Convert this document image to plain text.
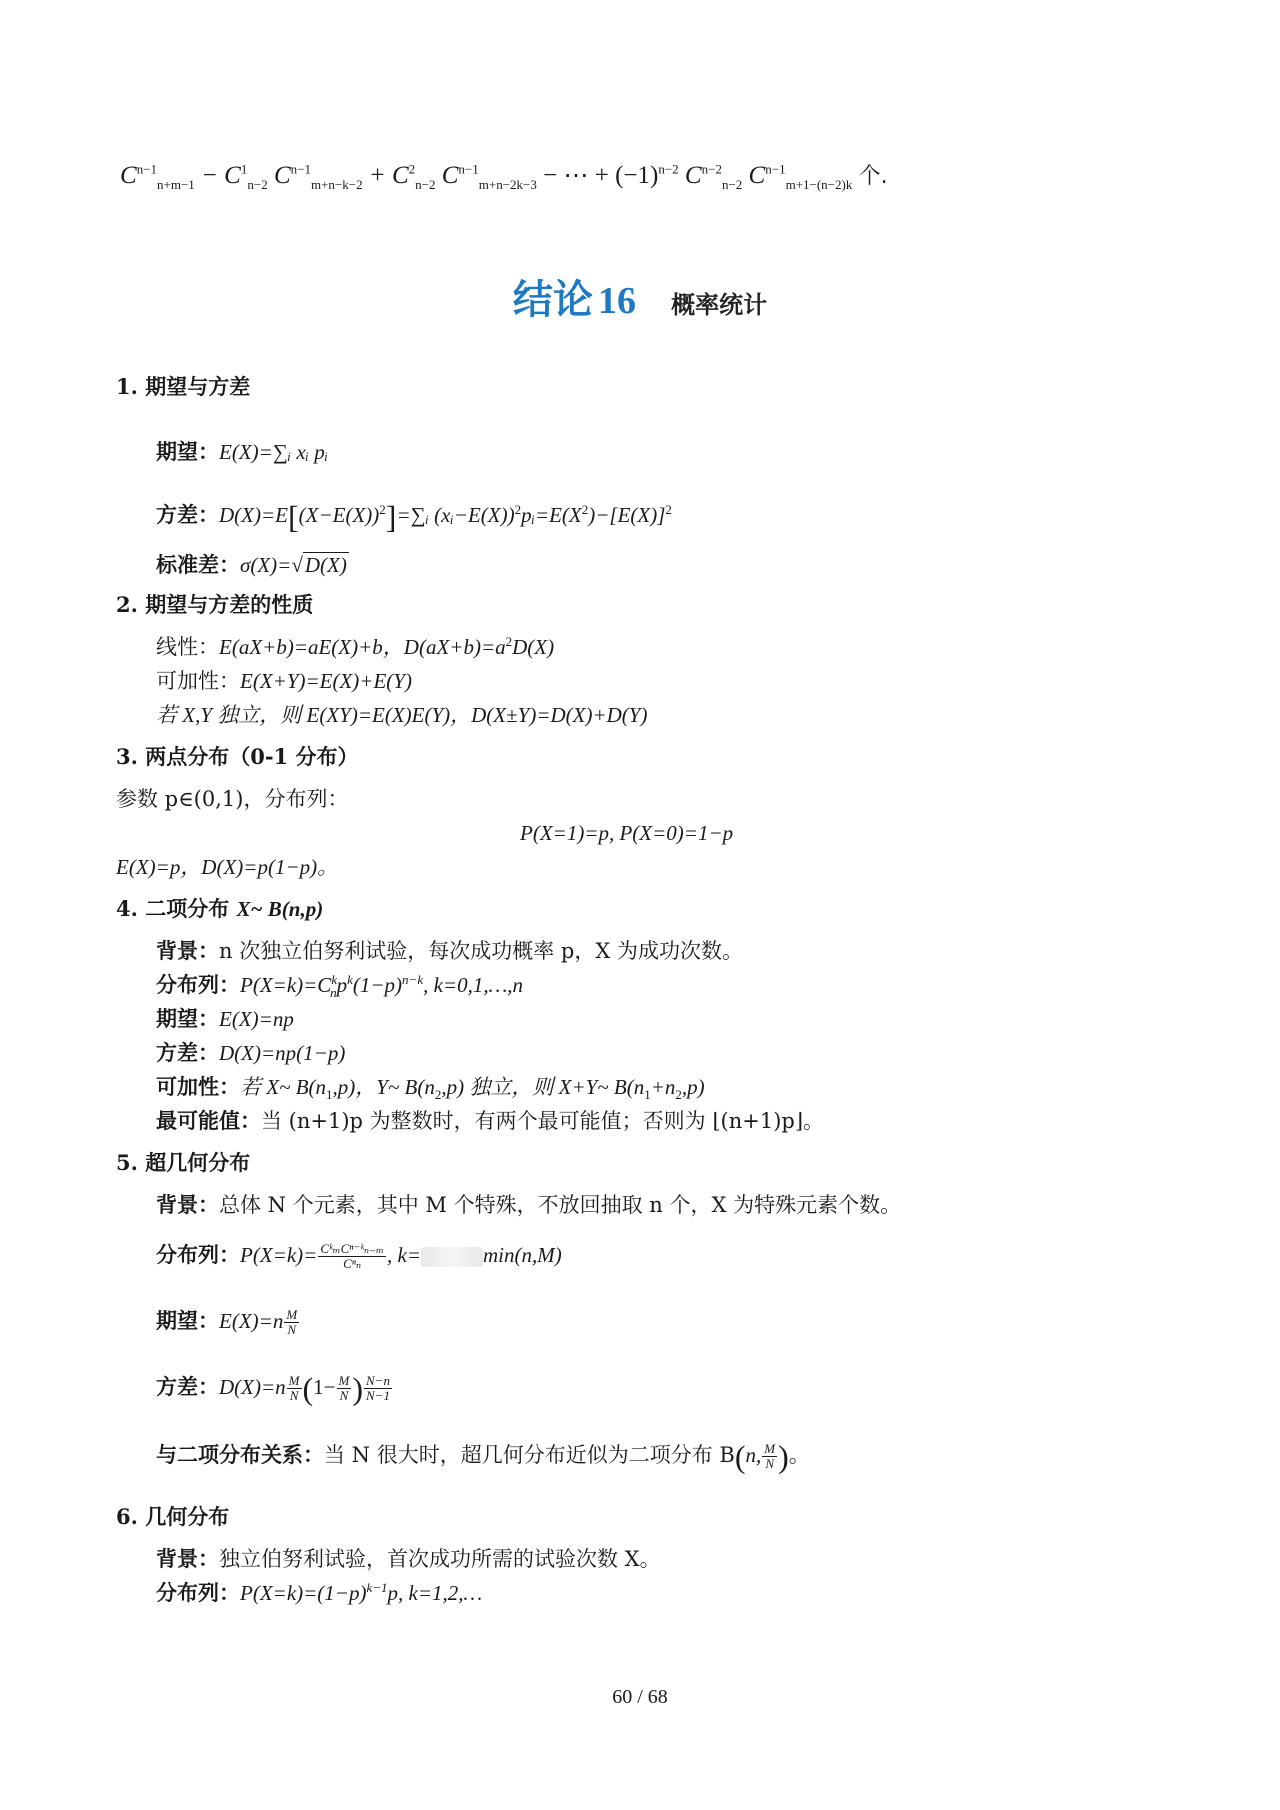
$C^{n-1}_{n+m-1} - C^1_{n-2}$ $C^{n-1}_{m+n-k-2} + C^2_{n-2}$ $C^{n-1}_{m+n-2k-3}$ − ⋯ + $(-1)^{n-2}$ $C^{n-2}_{n-2}$ $C^{n-1}_{m+1-(n-2)k}$ 个.
结论 16 概率统计
1. 期望与方差
期望：E(X)=∑ᵢ xᵢ pᵢ
方差：$D(X)=E[(X-E(X))^2]=\sum ᵢ$ $(xᵢ-E(X))^2pᵢ=E(X^2)-[E(X)]^2$
标准差：σ(X)=√D(X)
2. 期望与方差的性质
线性：E(aX+b)=aE(X)+b，$D(aX+b)=a^2D(X)$
可加性：E(X+Y)=E(X)+E(Y)
若 X,Y 独立，则 E(XY)=E(X)E(Y)，D(X±Y)=D(X)+D(Y)
3. 两点分布（0-1 分布）
参数 p∈(0,1)，分布列：
P(X=1)=p, P(X=0)=1−p
E(X)=p，D(X)=p(1−p)。
4. 二项分布 X~ B(n,p)
背景：n 次独立伯努利试验，每次成功概率 p，X 为成功次数。
分布列：$P(X=k)=C^k_np^k(1-p)^{n-k}$, k=0,1,…,n
期望：E(X)=np
方差：D(X)=np(1−p)
可加性：若 X~ $B(n_1,p)$，Y~ $B(n_2,p)$ 独立，则 X+Y~ $B(n_1+n_2,p)$
最可能值：当 (n+1)p 为整数时，有两个最可能值；否则为 ⌊(n+1)p⌋。
5. 超几何分布
背景：总体 N 个元素，其中 M 个特殊，不放回抽取 n 个，X 为特殊元素个数。
分布列：$P(X=k)= \frac{\text{CᵏₘCⁿ⁻ᵏₙ₋ₘ}}{\text{Cⁿₙ}}$ , k=	min(n,M)
期望：$E(X)=n \frac{M}{N}$
方差：$D(X)=n \frac{M}{N} (1- \frac{M}{N}$ ) $\frac{N-n}{N-1}$
与二项分布关系：当 N 很大时，超几何分布近似为二项分布 B(n, $\frac{M}{N}$ )。
6. 几何分布
背景：独立伯努利试验，首次成功所需的试验次数 X。
分布列：$P(X=k)=(1-p)^{k-1}p$, k=1,2,…
60 / 68
